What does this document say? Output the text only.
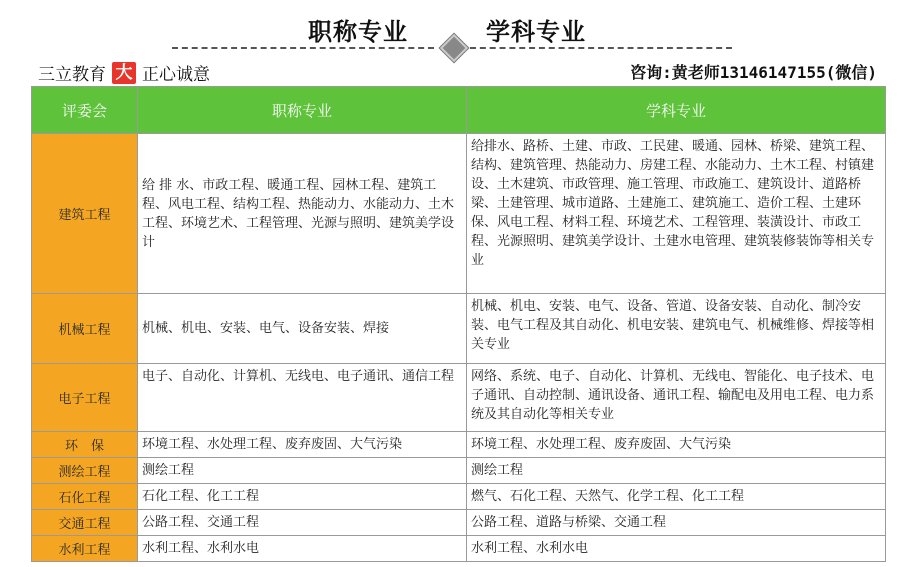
职称专业	学科专业
三立教育 大 正心诚意	咨询:黄老师13146147155(微信)
评委会	职称专业	学科专业
建筑工程	给 排 水、市政工程、暖通工程、园林工程、建筑工程、风电工程、结构工程、热能动力、水能动力、土木工程、环境艺术、工程管理、光源与照明、建筑美学设计	给排水、路桥、土建、市政、工民建、暖通、园林、桥梁、建筑工程、结构、建筑管理、热能动力、房建工程、水能动力、土木工程、村镇建设、土木建筑、市政管理、施工管理、市政施工、建筑设计、道路桥梁、土建管理、城市道路、土建施工、建筑施工、造价工程、土建环保、风电工程、材料工程、环境艺术、工程管理、装潢设计、市政工程、光源照明、建筑美学设计、土建水电管理、建筑装修装饰等相关专业
机械工程	机械、机电、安装、电气、设备安装、焊接	机械、机电、安装、电气、设备、管道、设备安装、自动化、制冷安装、电气工程及其自动化、机电安装、建筑电气、机械维修、焊接等相关专业
电子工程	电子、自动化、计算机、无线电、电子通讯、通信工程	网络、系统、电子、自动化、计算机、无线电、智能化、电子技术、电子通讯、自动控制、通讯设备、通讯工程、输配电及用电工程、电力系统及其自动化等相关专业
环　保	环境工程、水处理工程、废弃废固、大气污染	环境工程、水处理工程、废弃废固、大气污染
测绘工程	测绘工程	测绘工程
石化工程	石化工程、化工工程	燃气、石化工程、天然气、化学工程、化工工程
交通工程	公路工程、交通工程	公路工程、道路与桥梁、交通工程
水利工程	水利工程、水利水电	水利工程、水利水电
